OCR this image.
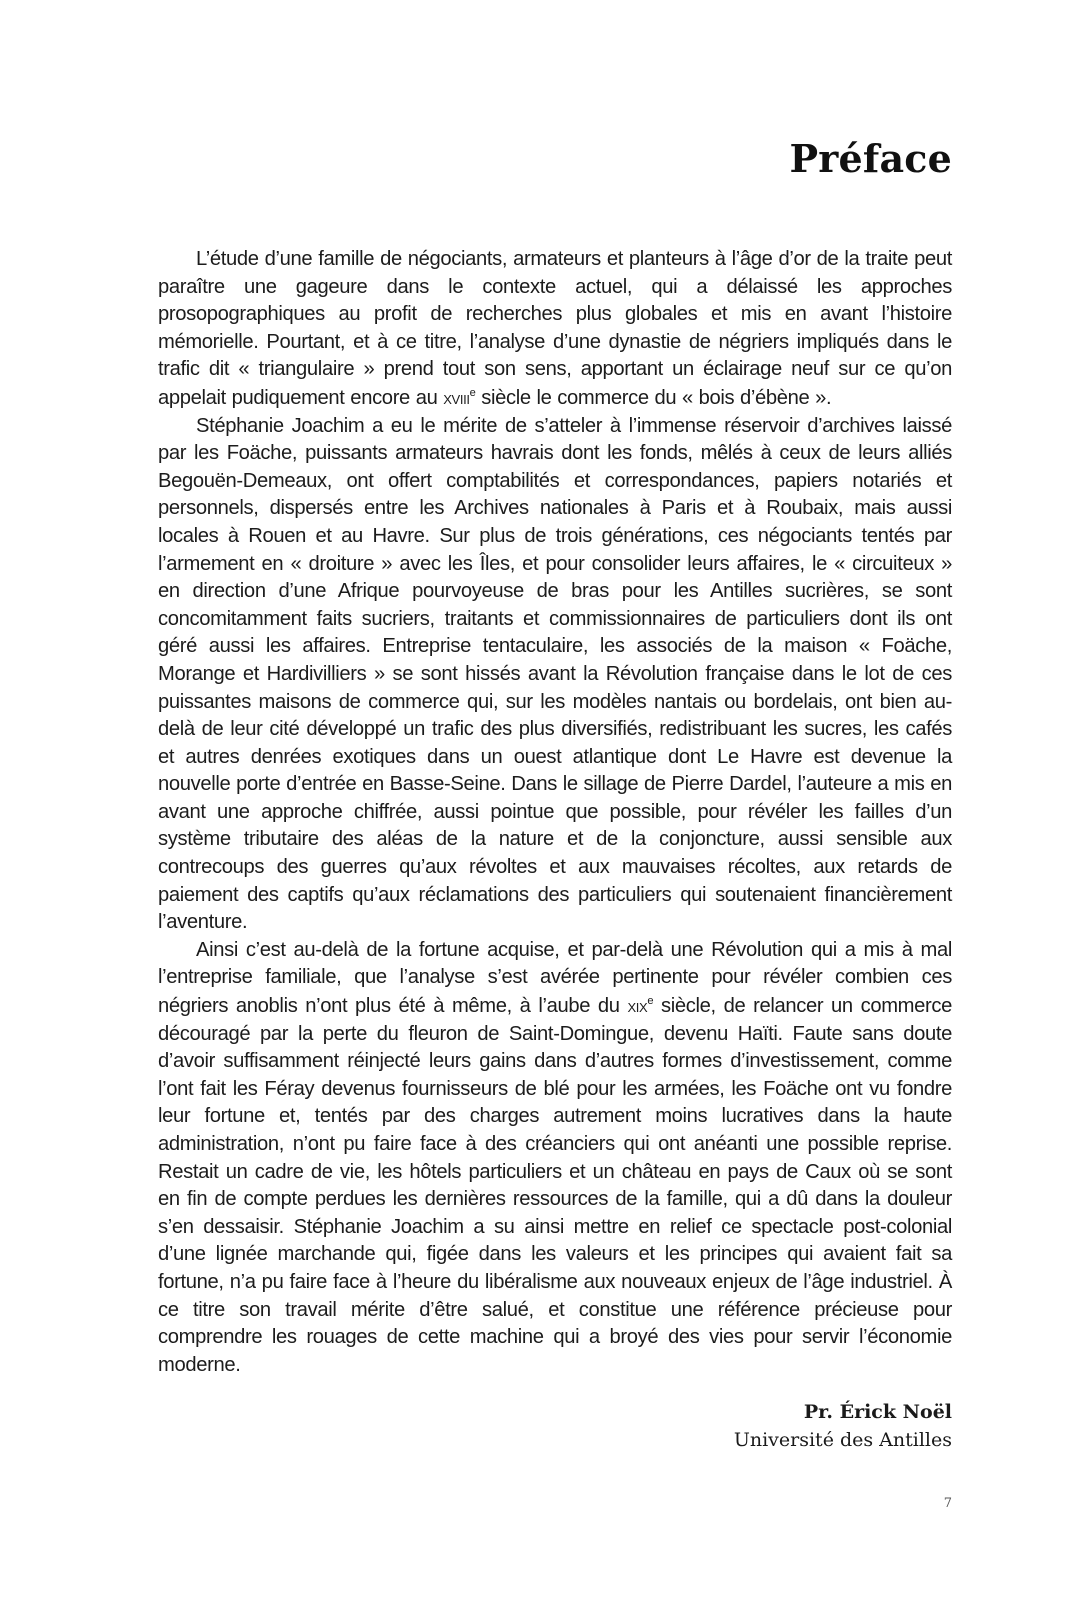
Préface

L’étude d’une famille de négociants, armateurs et planteurs à l’âge d’or de la traite peut paraître une gageure dans le contexte actuel, qui a délaissé les approches prosopographiques au profit de recherches plus globales et mis en avant l’histoire mémorielle. Pourtant, et à ce titre, l’analyse d’une dynastie de négriers impliqués dans le trafic dit « triangulaire » prend tout son sens, apportant un éclairage neuf sur ce qu’on appelait pudiquement encore au xviii$^e$ siècle le commerce du « bois d’ébène ».

Stéphanie Joachim a eu le mérite de s’atteler à l’immense réservoir d’archives laissé par les Foäche, puissants armateurs havrais dont les fonds, mêlés à ceux de leurs alliés Begouën-Demeaux, ont offert comptabilités et correspondances, papiers notariés et personnels, dispersés entre les Archives nationales à Paris et à Roubaix, mais aussi locales à Rouen et au Havre. Sur plus de trois générations, ces négociants tentés par l’armement en « droiture » avec les Îles, et pour consolider leurs affaires, le « circuiteux » en direction d’une Afrique pourvoyeuse de bras pour les Antilles sucrières, se sont concomitamment faits sucriers, traitants et commissionnaires de particuliers dont ils ont géré aussi les affaires. Entreprise tentaculaire, les associés de la maison « Foäche, Morange et Hardivilliers » se sont hissés avant la Révolution française dans le lot de ces puissantes maisons de commerce qui, sur les modèles nantais ou bordelais, ont bien au-delà de leur cité développé un trafic des plus diversifiés, redistribuant les sucres, les cafés et autres denrées exotiques dans un ouest atlantique dont Le Havre est devenue la nouvelle porte d’entrée en Basse-Seine. Dans le sillage de Pierre Dardel, l’auteure a mis en avant une approche chiffrée, aussi pointue que possible, pour révéler les failles d’un système tributaire des aléas de la nature et de la conjoncture, aussi sensible aux contrecoups des guerres qu’aux révoltes et aux mauvaises récoltes, aux retards de paiement des captifs qu’aux réclamations des particuliers qui soutenaient financièrement l’aventure.

Ainsi c’est au-delà de la fortune acquise, et par-delà une Révolution qui a mis à mal l’entreprise familiale, que l’analyse s’est avérée pertinente pour révéler combien ces négriers anoblis n’ont plus été à même, à l’aube du xix$^e$ siècle, de relancer un commerce découragé par la perte du fleuron de Saint-Domingue, devenu Haïti. Faute sans doute d’avoir suffisamment réinjecté leurs gains dans d’autres formes d’investissement, comme l’ont fait les Féray devenus fournisseurs de blé pour les armées, les Foäche ont vu fondre leur fortune et, tentés par des charges autrement moins lucratives dans la haute administration, n’ont pu faire face à des créanciers qui ont anéanti une possible reprise. Restait un cadre de vie, les hôtels particuliers et un château en pays de Caux où se sont en fin de compte perdues les dernières ressources de la famille, qui a dû dans la douleur s’en dessaisir. Stéphanie Joachim a su ainsi mettre en relief ce spectacle post-colonial d’une lignée marchande qui, figée dans les valeurs et les principes qui avaient fait sa fortune, n’a pu faire face à l’heure du libéralisme aux nouveaux enjeux de l’âge industriel. À ce titre son travail mérite d’être salué, et constitue une référence précieuse pour comprendre les rouages de cette machine qui a broyé des vies pour servir l’économie moderne.

Pr. Érick Noël
Université des Antilles
7
